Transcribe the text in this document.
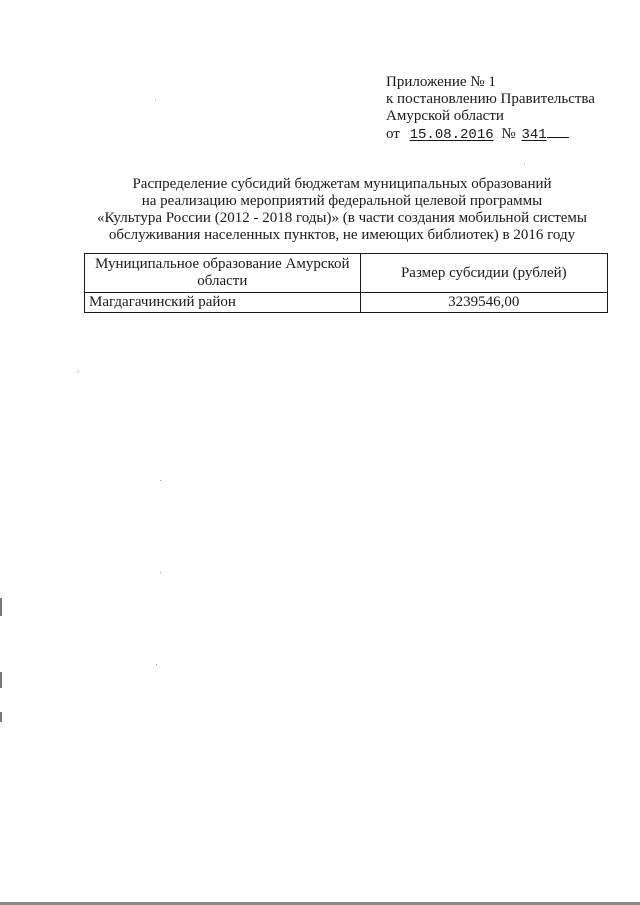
Приложение № 1
к постановлению Правительства
Амурской области
от 15.08.2016 № 341
Распределение субсидий бюджетам муниципальных образований
на реализацию мероприятий федеральной целевой программы
«Культура России (2012 - 2018 годы)» (в части создания мобильной системы
обслуживания населенных пунктов, не имеющих библиотек) в 2016 году
Муниципальное образование Амурской области	Размер субсидии (рублей)
Магдагачинский район	3239546,00
